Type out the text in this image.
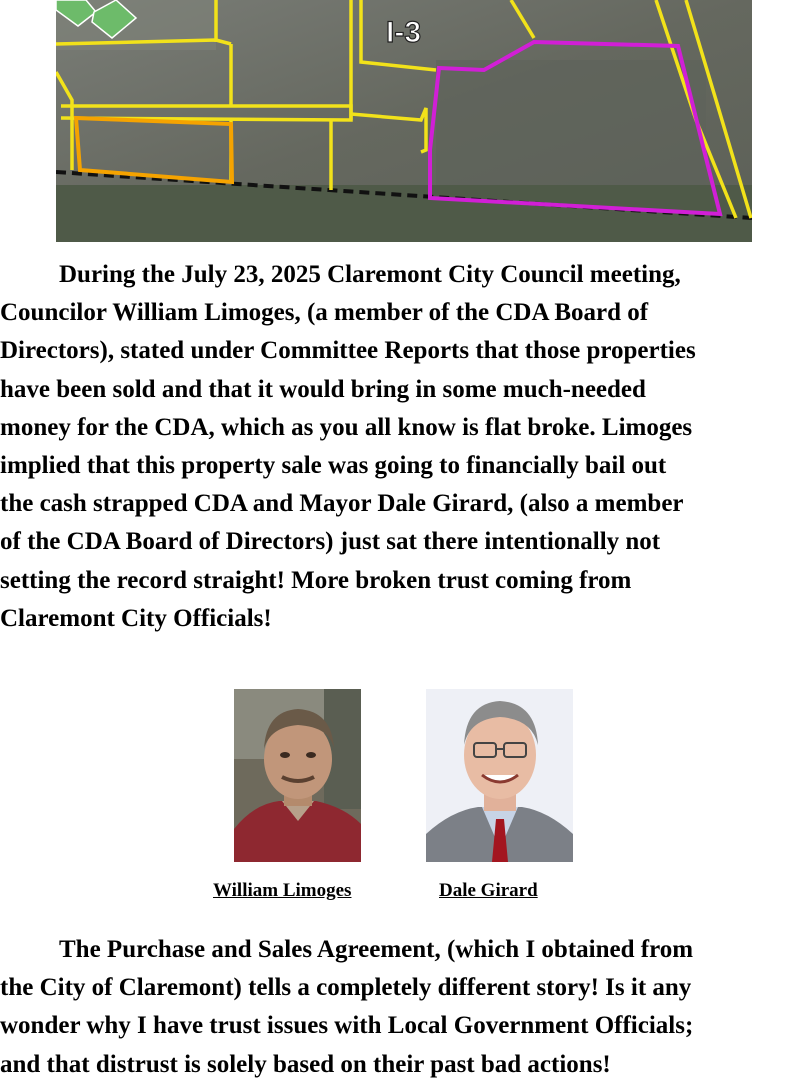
I-3

During the July 23, 2025 Claremont City Council meeting,
Councilor William Limoges, (a member of the CDA Board of
Directors), stated under Committee Reports that those properties
have been sold and that it would bring in some much-needed
money for the CDA, which as you all know is flat broke. Limoges
implied that this property sale was going to financially bail out
the cash strapped CDA and Mayor Dale Girard, (also a member
of the CDA Board of Directors) just sat there intentionally not
setting the record straight! More broken trust coming from
Claremont City Officials!

William Limoges	Dale Girard

The Purchase and Sales Agreement, (which I obtained from
the City of Claremont) tells a completely different story! Is it any
wonder why I have trust issues with Local Government Officials;
and that distrust is solely based on their past bad actions!
